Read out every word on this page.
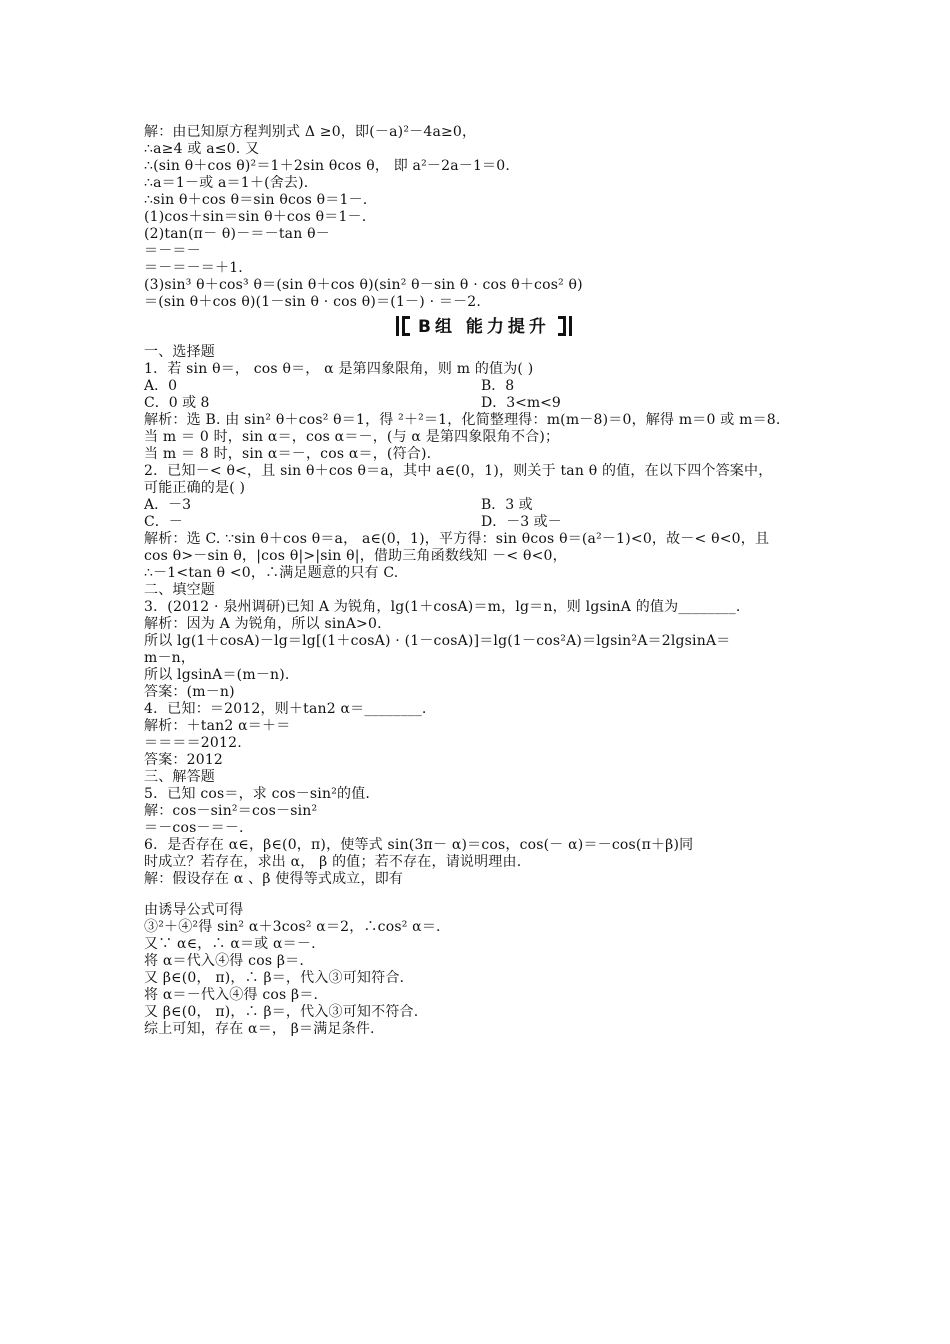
解：由已知原方程判别式 Δ ≥0，即(－a)²－4a≥0，
∴a≥4 或 a≤0. 又
∴(sin θ＋cos θ)²＝1＋2sin θcos θ， 即 a²－2a－1＝0.
∴a＝1－或 a＝1＋(舍去).
∴sin θ＋cos θ＝sin θcos θ＝1－.
(1)cos＋sin＝sin θ＋cos θ＝1－.
(2)tan(π－ θ)－＝－tan θ－
＝－＝－
＝－＝－＝＋1.
(3)sin³ θ＋cos³ θ＝(sin θ＋cos θ)(sin² θ－sin θ · cos θ＋cos² θ)
＝(sin θ＋cos θ)(1－sin θ · cos θ)＝(1－) · ＝－2.
B组 能力提升
一、选择题
1．若 sin θ＝， cos θ＝， α 是第四象限角，则 m 的值为( )
A．0	B．8
C．0 或 8	D．3<m<9
解析：选 B. 由 sin² θ＋cos² θ＝1，得 ²＋²＝1，化简整理得：m(m－8)＝0，解得 m＝0 或 m＝8.
当 m ＝ 0 时，sin α＝，cos α＝－，(与 α 是第四象限角不合)；
当 m ＝ 8 时，sin α＝－，cos α＝，(符合).
2．已知－< θ<，且 sin θ＋cos θ＝a，其中 a∈(0，1)，则关于 tan θ 的值，在以下四个答案中，
可能正确的是( )
A．－3	B．3 或
C．－	D．－3 或－
解析：选 C. ∵sin θ＋cos θ＝a， a∈(0，1)，平方得：sin θcos θ＝(a²－1)<0，故－< θ<0，且
cos θ>－sin θ，|cos θ|>|sin θ|，借助三角函数线知 －< θ<0，
∴－1<tan θ <0，∴满足题意的只有 C.
二、填空题
3．(2012 · 泉州调研)已知 A 为锐角，lg(1＋cosA)＝m，lg＝n，则 lgsinA 的值为________.
解析：因为 A 为锐角，所以 sinA>0.
所以 lg(1＋cosA)－lg＝lg[(1＋cosA) · (1－cosA)]＝lg(1－cos²A)＝lgsin²A＝2lgsinA＝
m－n，
所以 lgsinA＝(m－n).
答案：(m－n)
4．已知：＝2012，则＋tan2 α＝________.
解析：＋tan2 α＝＋＝
＝＝＝＝2012.
答案：2012
三、解答题
5．已知 cos＝，求 cos－sin²的值.
解：cos－sin²＝cos－sin²
＝－cos－＝－.
6．是否存在 α∈，β∈(0，π)，使等式 sin(3π－ α)＝cos，cos(－ α)＝－cos(π＋β)同
时成立？若存在，求出 α， β 的值；若不存在，请说明理由.
解：假设存在 α 、β 使得等式成立，即有
由诱导公式可得
③²＋④²得 sin² α＋3cos² α＝2，∴cos² α＝.
又∵ α∈，∴ α＝或 α＝－.
将 α＝代入④得 cos β＝.
又 β∈(0， π)，∴ β＝，代入③可知符合.
将 α＝－代入④得 cos β＝.
又 β∈(0， π)，∴ β＝，代入③可知不符合.
综上可知，存在 α＝， β＝满足条件.
